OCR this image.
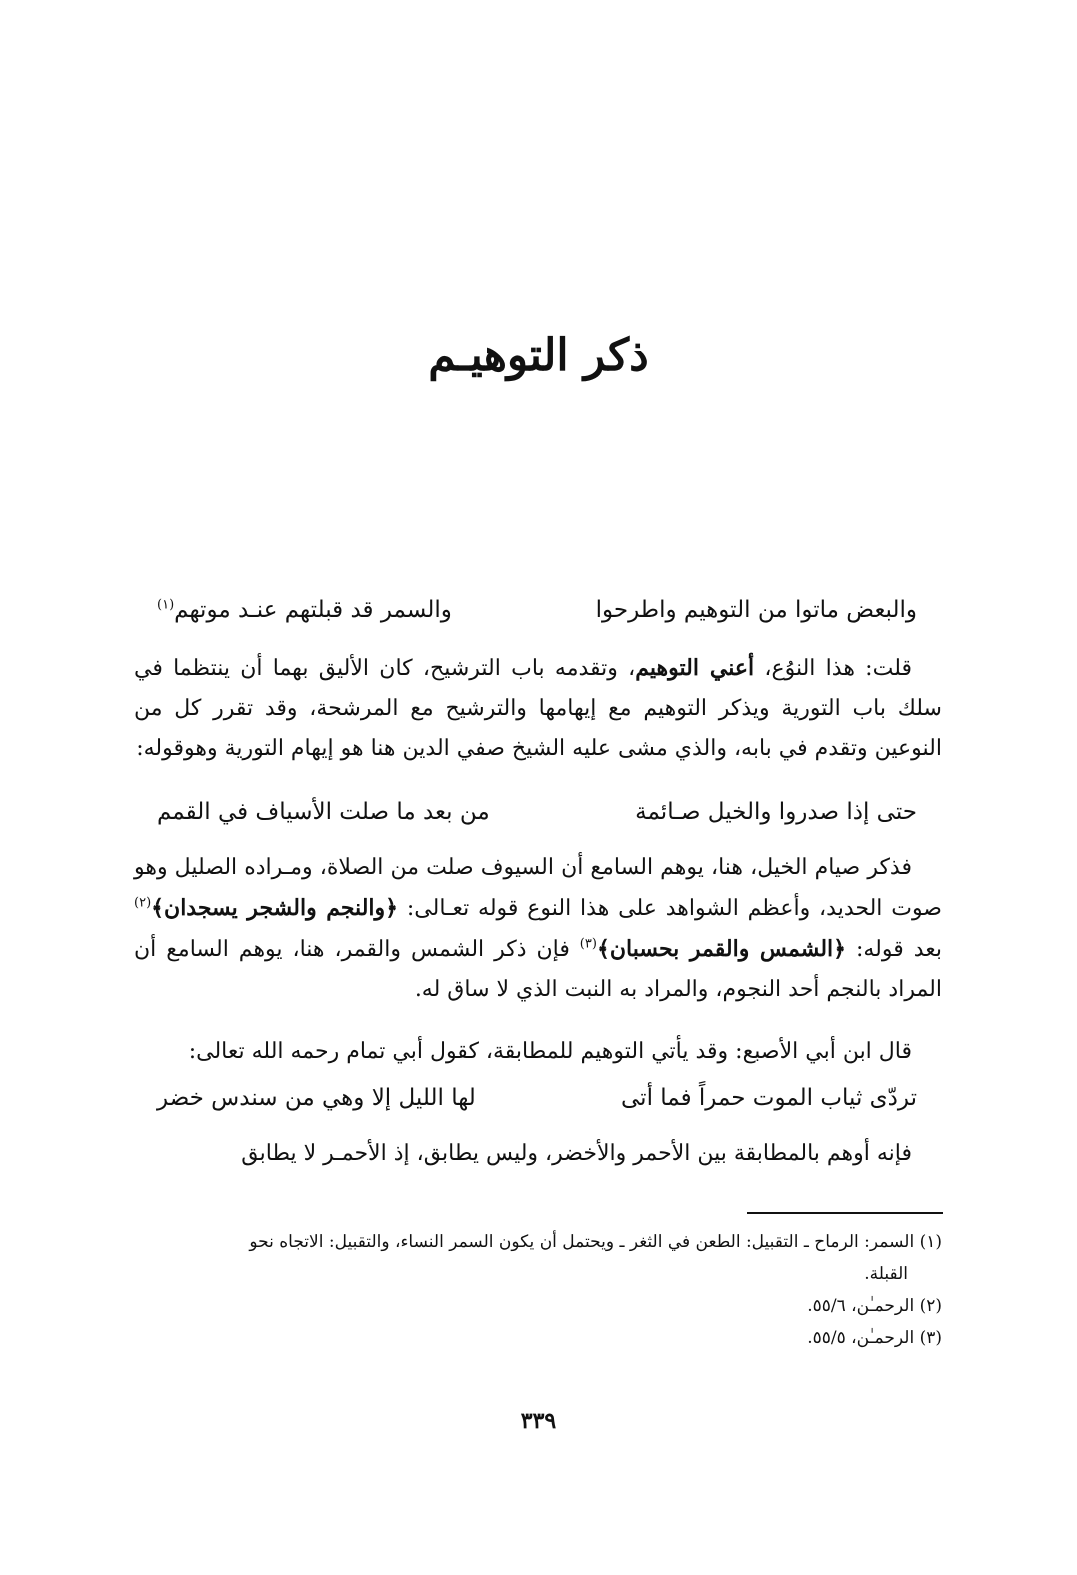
ذكر التوهيـم
والبعض ماتوا من التوهيم واطرحوا
والسمر قد قبلتهم عنـد موتهم$^{(١)}$
قلت: هذا النوُع، أعني التوهيم، وتقدمه باب الترشيح، كان الأليق بهما أن ينتظما في سلك باب التورية ويذكر التوهيم مع إيهامها والترشيح مع المرشحة، وقد تقرر كل من النوعين وتقدم في بابه، والذي مشى عليه الشيخ صفي الدين هنا هو إيهام التورية وهوقوله:
حتى إذا صدروا والخيل صـائمة
من بعد ما صلت الأسياف في القمم
فذكر صيام الخيل، هنا، يوهم السامع أن السيوف صلت من الصلاة، ومـراده الصليل وهو صوت الحديد، وأعظم الشواهد على هذا النوع قوله تعـالى: ﴿والنجم والشجر يسجدان﴾$^{(٢)}$ بعد قوله: ﴿الشمس والقمر بحسبان﴾$^{(٣)}$ فإن ذكر الشمس والقمر، هنا، يوهم السامع أن المراد بالنجم أحد النجوم، والمراد به النبت الذي لا ساق له.
قال ابن أبي الأصبع: وقد يأتي التوهيم للمطابقة، كقول أبي تمام رحمه الله تعالى:
تردّى ثياب الموت حمراً فما أتى
لها الليل إلا وهي من سندس خضر
فإنه أوهم بالمطابقة بين الأحمر والأخضر، وليس يطابق، إذ الأحمـر لا يطابق

(١) السمر: الرماح ـ التقبيل: الطعن في الثغر ـ ويحتمل أن يكون السمر النساء، والتقبيل: الاتجاه نحو

القبلة.

(٢) الرحمـٰن، ٥٥/٦.

(٣) الرحمـٰن، ٥٥/٥.

٣٣٩
